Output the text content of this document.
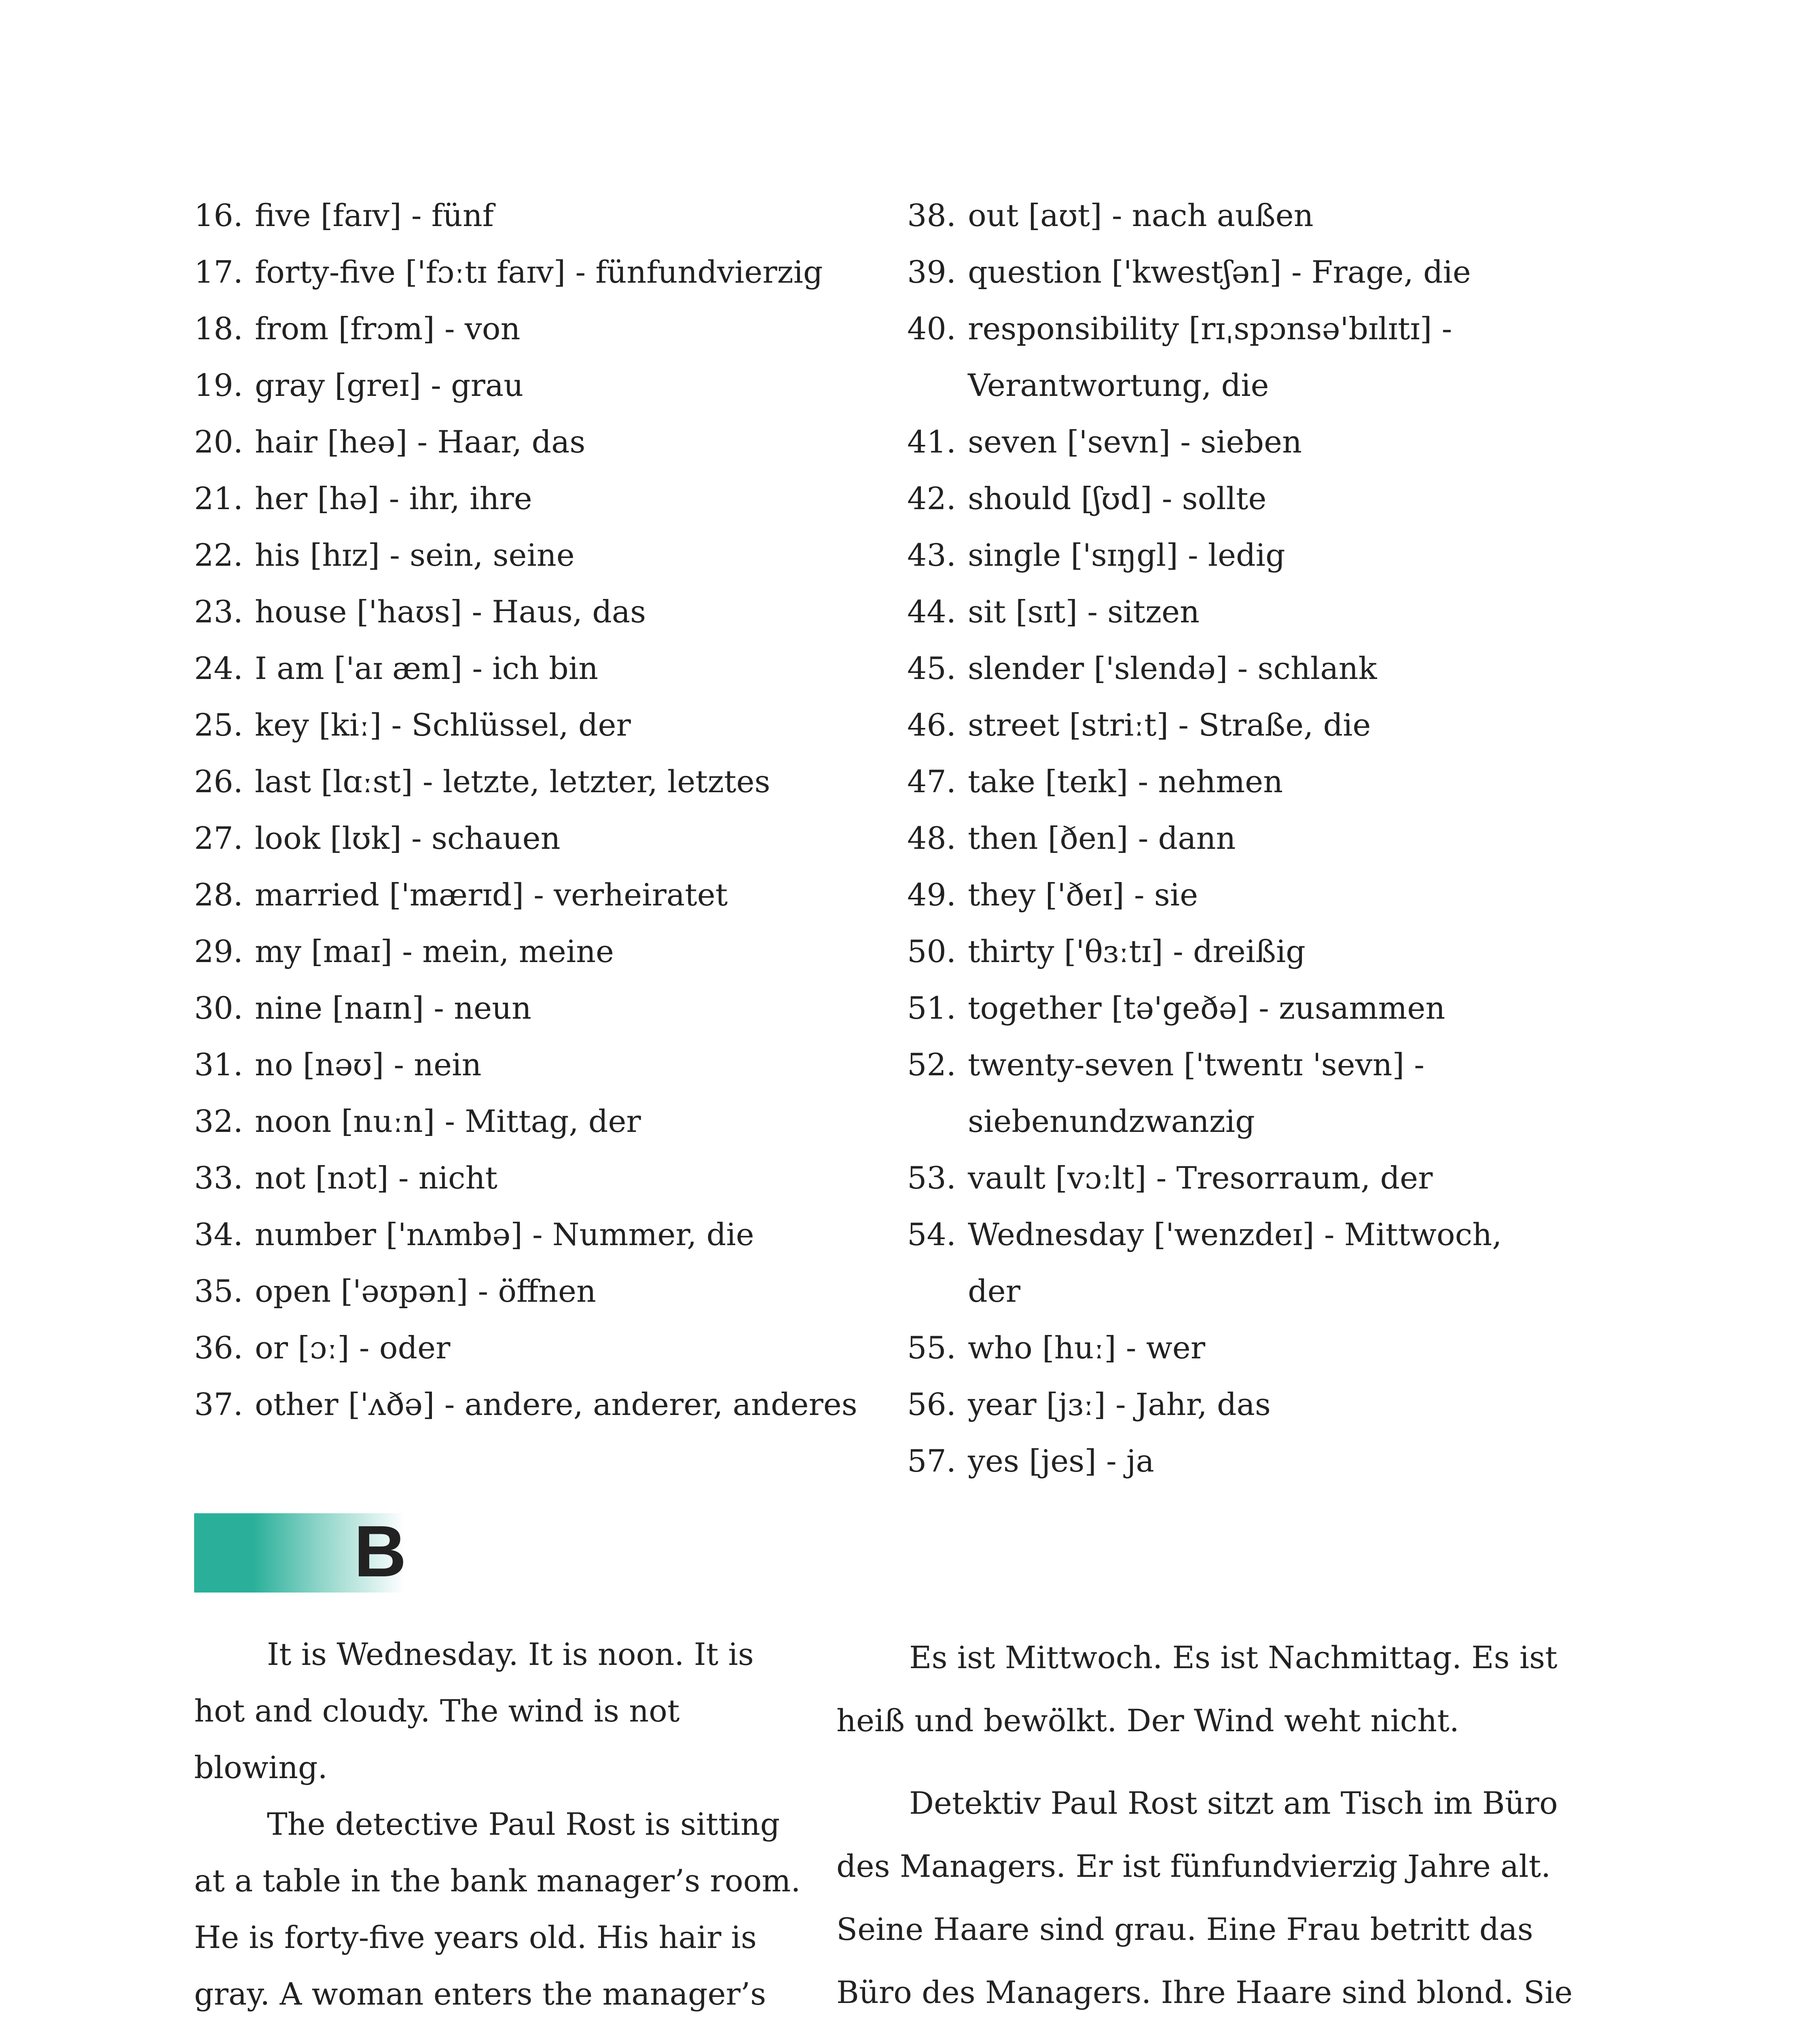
16. five [faɪv] - fünf
17. forty-five ['fɔːtɪ faɪv] - fünfundvierzig
18. from [frɔm] - von
19. gray [greɪ] - grau
20. hair [heə] - Haar, das
21. her [hə] - ihr, ihre
22. his [hɪz] - sein, seine
23. house ['haʊs] - Haus, das
24. I am ['aɪ æm] - ich bin
25. key [kiː] - Schlüssel, der
26. last [lɑːst] - letzte, letzter, letztes
27. look [lʊk] - schauen
28. married ['mærɪd] - verheiratet
29. my [maɪ] - mein, meine
30. nine [naɪn] - neun
31. no [nəʊ] - nein
32. noon [nuːn] - Mittag, der
33. not [nɔt] - nicht
34. number ['nʌmbə] - Nummer, die
35. open ['əʊpən] - öffnen
36. or [ɔː] - oder
37. other ['ʌðə] - andere, anderer, anderes
38. out [aʊt] - nach außen
39. question ['kwestʃən] - Frage, die
40. responsibility [rɪˌspɔnsə'bɪlɪtɪ] - Verantwortung, die
41. seven ['sevn] - sieben
42. should [ʃʊd] - sollte
43. single ['sɪŋgl] - ledig
44. sit [sɪt] - sitzen
45. slender ['slendə] - schlank
46. street [striːt] - Straße, die
47. take [teɪk] - nehmen
48. then [ðen] - dann
49. they ['ðeɪ] - sie
50. thirty ['θɜːtɪ] - dreißig
51. together [tə'geðə] - zusammen
52. twenty-seven ['twentɪ 'sevn] - siebenundzwanzig
53. vault [vɔːlt] - Tresorraum, der
54. Wednesday ['wenzdeɪ] - Mittwoch, der
55. who [huː] - wer
56. year [jɜː] - Jahr, das
57. yes [jes] - ja
B

It is Wednesday. It is noon. It is hot and cloudy. The wind is not blowing.

The detective Paul Rost is sitting at a table in the bank manager’s room. He is forty-five years old. His hair is gray. A woman enters the manager’s

Es ist Mittwoch. Es ist Nachmittag. Es ist heiß und bewölkt. Der Wind weht nicht.

Detektiv Paul Rost sitzt am Tisch im Büro des Managers. Er ist fünfundvierzig Jahre alt. Seine Haare sind grau. Eine Frau betritt das Büro des Managers. Ihre Haare sind blond. Sie
